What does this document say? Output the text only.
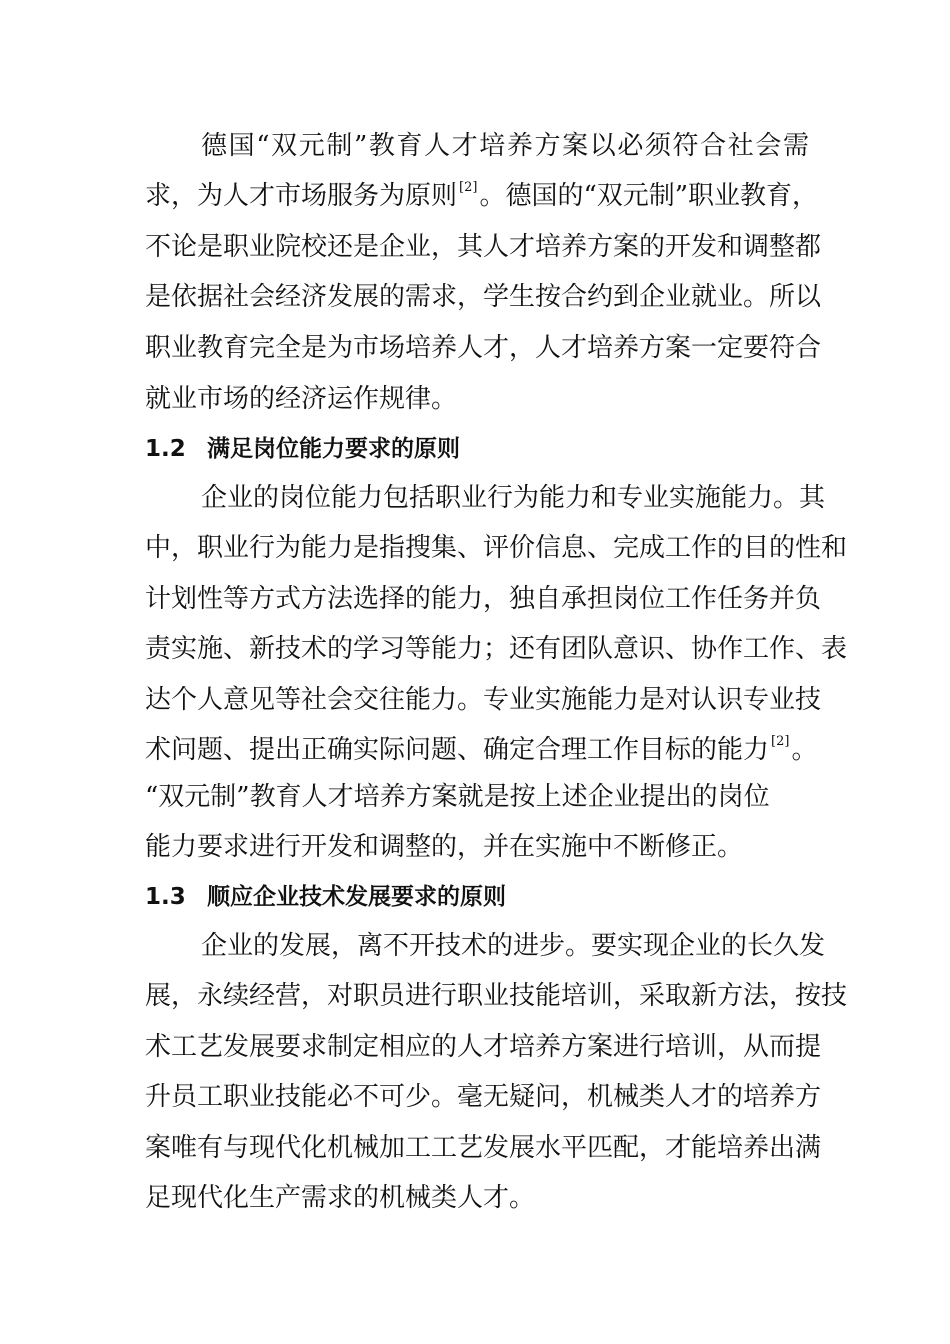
德国“双元制”教育人才培养方案以必须符合社会需
求，为人才市场服务为原则 [2]。德国的“双元制”职业教育，
不论是职业院校还是企业，其人才培养方案的开发和调整都
是依据社会经济发展的需求，学生按合约到企业就业。所以
职业教育完全是为市场培养人才，人才培养方案一定要符合
就业市场的经济运作规律。
1.2 满足岗位能力要求的原则
企业的岗位能力包括职业行为能力和专业实施能力。其
中，职业行为能力是指搜集、评价信息、完成工作的目的性和
计划性等方式方法选择的能力，独自承担岗位工作任务并负
责实施、新技术的学习等能力；还有团队意识、协作工作、表
达个人意见等社会交往能力。专业实施能力是对认识专业技
术问题、提出正确实际问题、确定合理工作目标的能力 [2]。
“双元制”教育人才培养方案就是按上述企业提出的岗位
能力要求进行开发和调整的，并在实施中不断修正。
1.3 顺应企业技术发展要求的原则
企业的发展，离不开技术的进步。要实现企业的长久发
展，永续经营，对职员进行职业技能培训，采取新方法，按技
术工艺发展要求制定相应的人才培养方案进行培训，从而提
升员工职业技能必不可少。毫无疑问，机械类人才的培养方
案唯有与现代化机械加工工艺发展水平匹配，才能培养出满
足现代化生产需求的机械类人才。
